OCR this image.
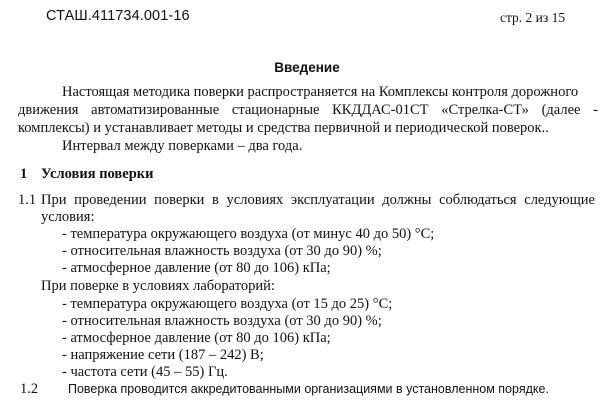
СТАШ.411734.001-16	стр. 2 из 15
Введение
Настоящая методика поверки распространяется на Комплексы контроля дорожного
движения автоматизированные стационарные ККДДАС-01СТ «Стрелка-СТ» (далее -
комплексы) и устанавливает методы и средства первичной и периодической поверок..
Интервал между поверками – два года.
1 Условия поверки
1.1 При проведении поверки в условиях эксплуатации должны соблюдаться следующие
условия:
- температура окружающего воздуха (от минус 40 до 50) °С;
- относительная влажность воздуха (от 30 до 90) %;
- атмосферное давление (от 80 до 106) кПа;
При поверке в условиях лабораторий:
- температура окружающего воздуха (от 15 до 25) °С;
- относительная влажность воздуха (от 30 до 90) %;
- атмосферное давление (от 80 до 106) кПа;
- напряжение сети (187 – 242) В;
- частота сети (45 – 55) Гц.
1.2 Поверка проводится аккредитованными организациями в установленном порядке.
